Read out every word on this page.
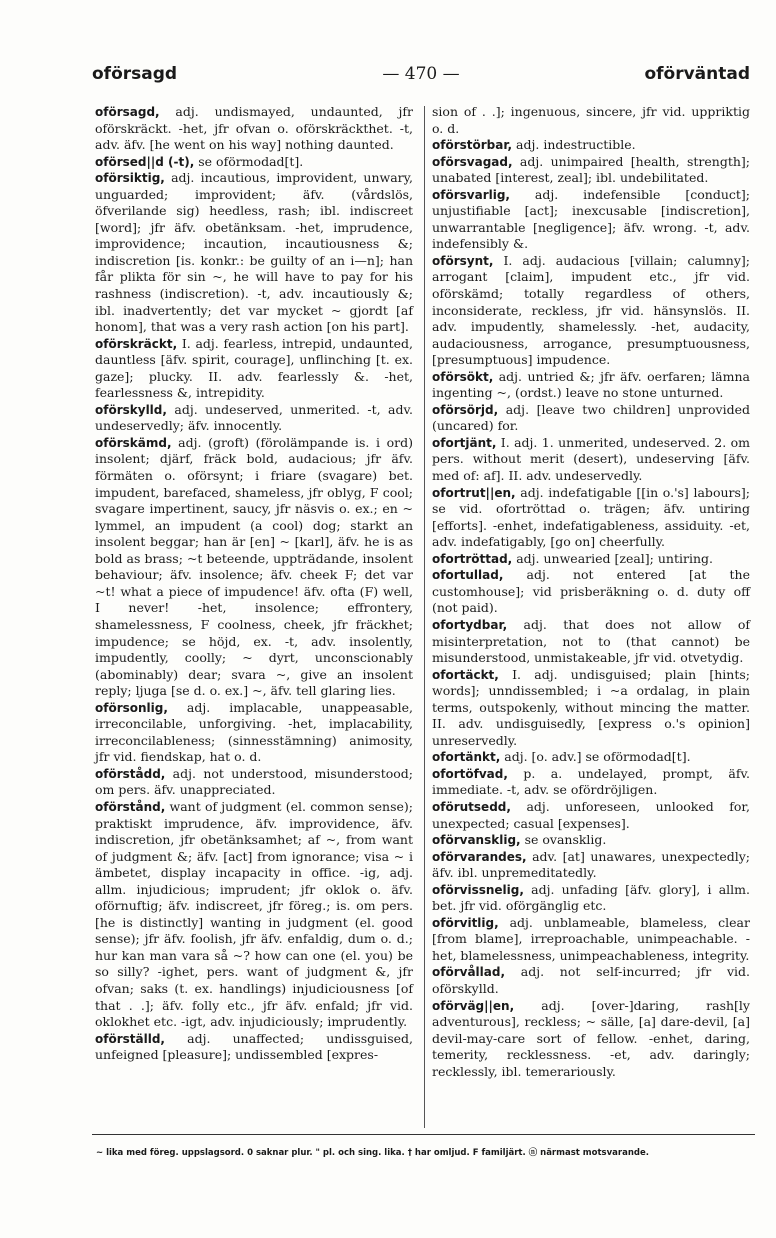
oförsagd	— 470 —	oförväntad

oförsagd, adj. undismayed, undaunted, jfr oförskräckt. -het, jfr ofvan o. oförskräckthet. -t, adv. äfv. [he went on his way] nothing daunted.

oförsed||d (-t), se oförmodad[t].

oförsiktig, adj. incautious, improvident, unwary, unguarded; improvident; äfv. (vårdslös, öfverilande sig) heedless, rash; ibl. indiscreet [word]; jfr äfv. obetänksam. -het, imprudence, improvidence; incaution, incautiousness &; indiscretion [is. konkr.: be guilty of an i—n]; han får plikta för sin ~, he will have to pay for his rashness (indiscretion). -t, adv. incautiously &; ibl. inadvertently; det var mycket ~ gjordt [af honom], that was a very rash action [on his part].

oförskräckt, I. adj. fearless, intrepid, undaunted, dauntless [äfv. spirit, courage], unflinching [t. ex. gaze]; plucky. II. adv. fearlessly &. -het, fearlessness &, intrepidity.

oförskylld, adj. undeserved, unmerited. -t, adv. undeservedly; äfv. innocently.

oförskämd, adj. (groft) (förolämpande is. i ord) insolent; djärf, fräck bold, audacious; jfr äfv. förmäten o. oförsynt; i friare (svagare) bet. impudent, barefaced, shameless, jfr oblyg, F cool; svagare impertinent, saucy, jfr näsvis o. ex.; en ~ lymmel, an impudent (a cool) dog; starkt an insolent beggar; han är [en] ~ [karl], äfv. he is as bold as brass; ~t beteende, uppträdande, insolent behaviour; äfv. insolence; äfv. cheek F; det var ~t! what a piece of impudence! äfv. ofta (F) well, I never! -het, insolence; effrontery, shamelessness, F coolness, cheek, jfr fräckhet; impudence; se höjd, ex. -t, adv. insolently, impudently, coolly; ~ dyrt, unconscionably (abominably) dear; svara ~, give an insolent reply; ljuga [se d. o. ex.] ~, äfv. tell glaring lies.

oförsonlig, adj. implacable, unappeasable, irreconcilable, unforgiving. -het, implacability, irreconcilableness; (sinnesstämning) animosity, jfr vid. fiendskap, hat o. d.

oförstådd, adj. not understood, misunderstood; om pers. äfv. unappreciated.

oförstånd, want of judgment (el. common sense); praktiskt imprudence, äfv. improvidence, äfv. indiscretion, jfr obetänksamhet; af ~, from want of judgment &; äfv. [act] from ignorance; visa ~ i ämbetet, display incapacity in office. -ig, adj. allm. injudicious; imprudent; jfr oklok o. äfv. oförnuftig; äfv. indiscreet, jfr föreg.; is. om pers. [he is distinctly] wanting in judgment (el. good sense); jfr äfv. foolish, jfr äfv. enfaldig, dum o. d.; hur kan man vara så ~? how can one (el. you) be so silly? -ighet, pers. want of judgment &, jfr ofvan; saks (t. ex. handlings) injudiciousness [of that . .]; äfv. folly etc., jfr äfv. enfald; jfr vid. oklokhet etc. -igt, adv. injudiciously; imprudently.

oförställd, adj. unaffected; undissguised, unfeigned [pleasure]; undissembled [expres-

sion of . .]; ingenuous, sincere, jfr vid. uppriktig o. d.

oförstörbar, adj. indestructible.

oförsvagad, adj. unimpaired [health, strength]; unabated [interest, zeal]; ibl. undebilitated.

oförsvarlig, adj. indefensible [conduct]; unjustifiable [act]; inexcusable [indiscretion], unwarrantable [negligence]; äfv. wrong. -t, adv. indefensibly &.

oförsynt, I. adj. audacious [villain; calumny]; arrogant [claim], impudent etc., jfr vid. oförskämd; totally regardless of others, inconsiderate, reckless, jfr vid. hänsynslös. II. adv. impudently, shamelessly. -het, audacity, audaciousness, arrogance, presumptuousness, [presumptuous] impudence.

oförsökt, adj. untried &; jfr äfv. oerfaren; lämna ingenting ~, (ordst.) leave no stone unturned.

oförsörjd, adj. [leave two children] unprovided (uncared) for.

ofortjänt, I. adj. 1. unmerited, undeserved. 2. om pers. without merit (desert), undeserving [äfv. med of: af]. II. adv. undeservedly.

ofortrut||en, adj. indefatigable [[in o.'s] labours]; se vid. ofortröttad o. trägen; äfv. untiring [efforts]. -enhet, indefatigableness, assiduity. -et, adv. indefatigably, [go on] cheerfully.

ofortröttad, adj. unwearied [zeal]; untiring.

ofortullad, adj. not entered [at the customhouse]; vid prisberäkning o. d. duty off (not paid).

ofortydbar, adj. that does not allow of misinterpretation, not to (that cannot) be misunderstood, unmistakeable, jfr vid. otvetydig.

ofortäckt, I. adj. undisguised; plain [hints; words]; unndissembled; i ~a ordalag, in plain terms, outspokenly, without mincing the matter. II. adv. undisguisedly, [express o.'s opinion] unreservedly.

ofortänkt, adj. [o. adv.] se oförmodad[t].

ofortöfvad, p. a. undelayed, prompt, äfv. immediate. -t, adv. se ofördröjligen.

oförutsedd, adj. unforeseen, unlooked for, unexpected; casual [expenses].

oförvansklig, se ovansklig.

oförvarandes, adv. [at] unawares, unexpectedly; äfv. ibl. unpremeditatedly.

oförvissnelig, adj. unfading [äfv. glory], i allm. bet. jfr vid. oförgänglig etc.

oförvitlig, adj. unblameable, blameless, clear [from blame], irreproachable, unimpeachable. -het, blamelessness, unimpeachableness, integrity.

oförvållad, adj. not self-incurred; jfr vid. oförskylld.

oförväg||en, adj. [over-]daring, rash[ly adventurous], reckless; ~ sälle, [a] dare-devil, [a] devil-may-care sort of fellow. -enhet, daring, temerity, recklessness. -et, adv. daringly; recklessly, ibl. temerariously.

~ lika med föreg. uppslagsord. 0 saknar plur. " pl. och sing. lika. † har omljud. F familjärt. ⓝ närmast motsvarande.
